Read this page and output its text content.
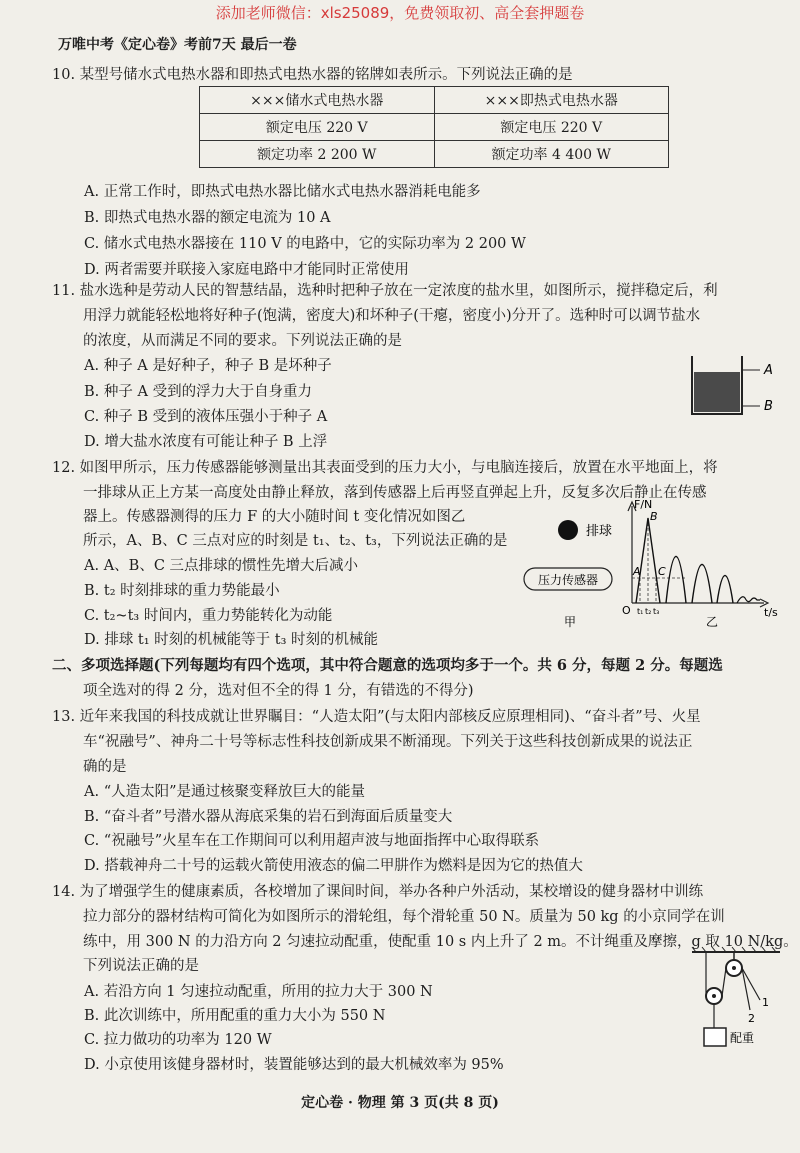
添加老师微信：xls25089，免费领取初、高全套押题卷
万唯中考《定心卷》考前7天 最后一卷
10. 某型号储水式电热水器和即热式电热水器的铭牌如表所示。下列说法正确的是
×××储水式电热水器	×××即热式电热水器
额定电压 220 V	额定电压 220 V
额定功率 2 200 W	额定功率 4 400 W
A. 正常工作时，即热式电热水器比储水式电热水器消耗电能多
B. 即热式电热水器的额定电流为 10 A
C. 储水式电热水器接在 110 V 的电路中，它的实际功率为 2 200 W
D. 两者需要并联接入家庭电路中才能同时正常使用
11. 盐水选种是劳动人民的智慧结晶，选种时把种子放在一定浓度的盐水里，如图所示，搅拌稳定后，利
用浮力就能轻松地将好种子(饱满，密度大)和坏种子(干瘪，密度小)分开了。选种时可以调节盐水
的浓度，从而满足不同的要求。下列说法正确的是
A. 种子 A 是好种子，种子 B 是坏种子
B. 种子 A 受到的浮力大于自身重力
C. 种子 B 受到的液体压强小于种子 A
D. 增大盐水浓度有可能让种子 B 上浮
A
B
12. 如图甲所示，压力传感器能够测量出其表面受到的压力大小，与电脑连接后，放置在水平地面上，将
一排球从正上方某一高度处由静止释放，落到传感器上后再竖直弹起上升，反复多次后静止在传感
器上。传感器测得的压力 F 的大小随时间 t 变化情况如图乙
所示，A、B、C 三点对应的时刻是 t₁、t₂、t₃，下列说法正确的是
A. A、B、C 三点排球的惯性先增大后减小
B. t₂ 时刻排球的重力势能最小
C. t₂~t₃ 时间内，重力势能转化为动能
D. 排球 t₁ 时刻的机械能等于 t₃ 时刻的机械能
排球
压力传感器
甲
F/N
t/s
O
A
B
C
t₁ t₂ t₃
乙
二、多项选择题(下列每题均有四个选项，其中符合题意的选项均多于一个。共 6 分，每题 2 分。每题选
项全选对的得 2 分，选对但不全的得 1 分，有错选的不得分)
13. 近年来我国的科技成就让世界瞩目：“人造太阳”(与太阳内部核反应原理相同)、“奋斗者”号、火星
车“祝融号”、神舟二十号等标志性科技创新成果不断涌现。下列关于这些科技创新成果的说法正
确的是
A. “人造太阳”是通过核聚变释放巨大的能量
B. “奋斗者”号潜水器从海底采集的岩石到海面后质量变大
C. “祝融号”火星车在工作期间可以利用超声波与地面指挥中心取得联系
D. 搭载神舟二十号的运载火箭使用液态的偏二甲肼作为燃料是因为它的热值大
14. 为了增强学生的健康素质，各校增加了课间时间，举办各种户外活动，某校增设的健身器材中训练
拉力部分的器材结构可简化为如图所示的滑轮组，每个滑轮重 50 N。质量为 50 kg 的小京同学在训
练中，用 300 N 的力沿方向 2 匀速拉动配重，使配重 10 s 内上升了 2 m。不计绳重及摩擦，g 取 10 N/kg。
下列说法正确的是
A. 若沿方向 1 匀速拉动配重，所用的拉力大于 300 N
B. 此次训练中，所用配重的重力大小为 550 N
C. 拉力做功的功率为 120 W
D. 小京使用该健身器材时，装置能够达到的最大机械效率为 95%
1
2
配重
定心卷 · 物理 第 3 页(共 8 页)
